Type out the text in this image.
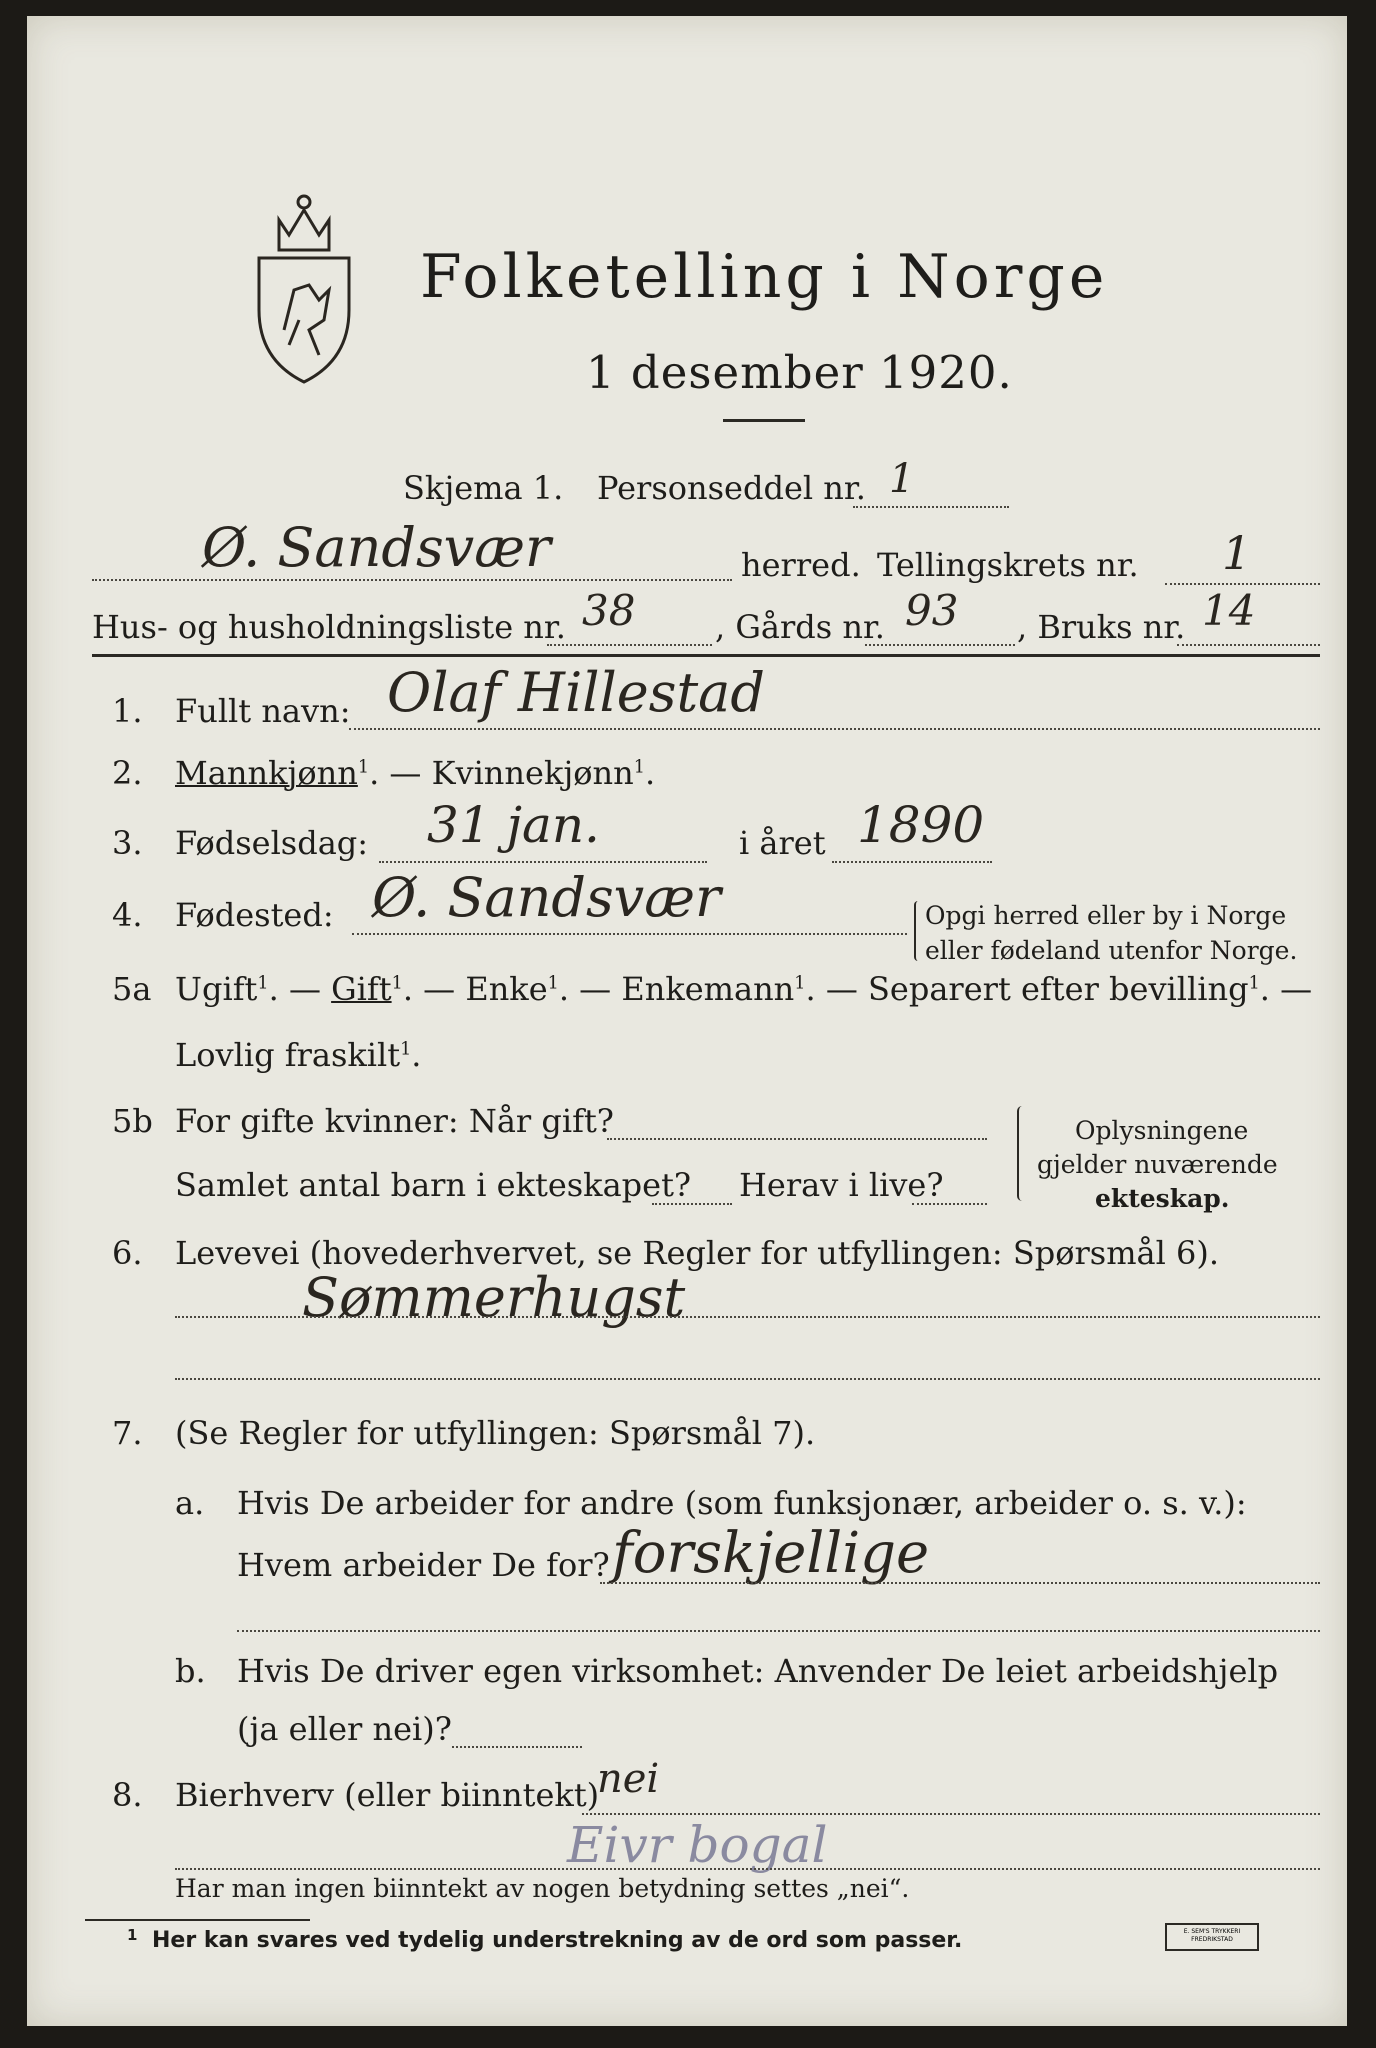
Folketelling i Norge
1 desember 1920.
Skjema 1. Personseddel nr. 1
Ø. Sandsvær	herred. Tellingskrets nr. 1
Hus- og husholdningsliste nr. 38 , Gårds nr. 93 , Bruks nr. 14
1. Fullt navn: Olaf Hillestad
2. Mannkjønn$^1$. — Kvinnekjønn$^1$.
3. Fødselsdag: 31 jan.	i året 1890
4. Fødested: Ø. Sandsvær	Opgi herred eller by i Norge
eller fødeland utenfor Norge.
5a Ugift$^1$. — Gift$^1$. — Enke$^1$. — Enkemann$^1$. — Separert efter bevilling$^1$. —
Lovlig fraskilt$^1$.
5b For gifte kvinner: Når gift?
Samlet antal barn i ekteskapet? Herav i live?
Oplysningene
gjelder nuværende
ekteskap.
6. Levevei (hovederhvervet, se Regler for utfyllingen: Spørsmål 6).
Sømmerhugst
7. (Se Regler for utfyllingen: Spørsmål 7).
a. Hvis De arbeider for andre (som funksjonær, arbeider o. s. v.):
Hvem arbeider De for? forskjellige
b. Hvis De driver egen virksomhet: Anvender De leiet arbeidshjelp
(ja eller nei)?
8. Bierhverv (eller biinntekt)
nei
Eivr bogal
Har man ingen biinntekt av nogen betydning settes „nei“.
1 Her kan svares ved tydelig understrekning av de ord som passer.	E. SEM'S TRYKKERI FREDRIKSTAD
